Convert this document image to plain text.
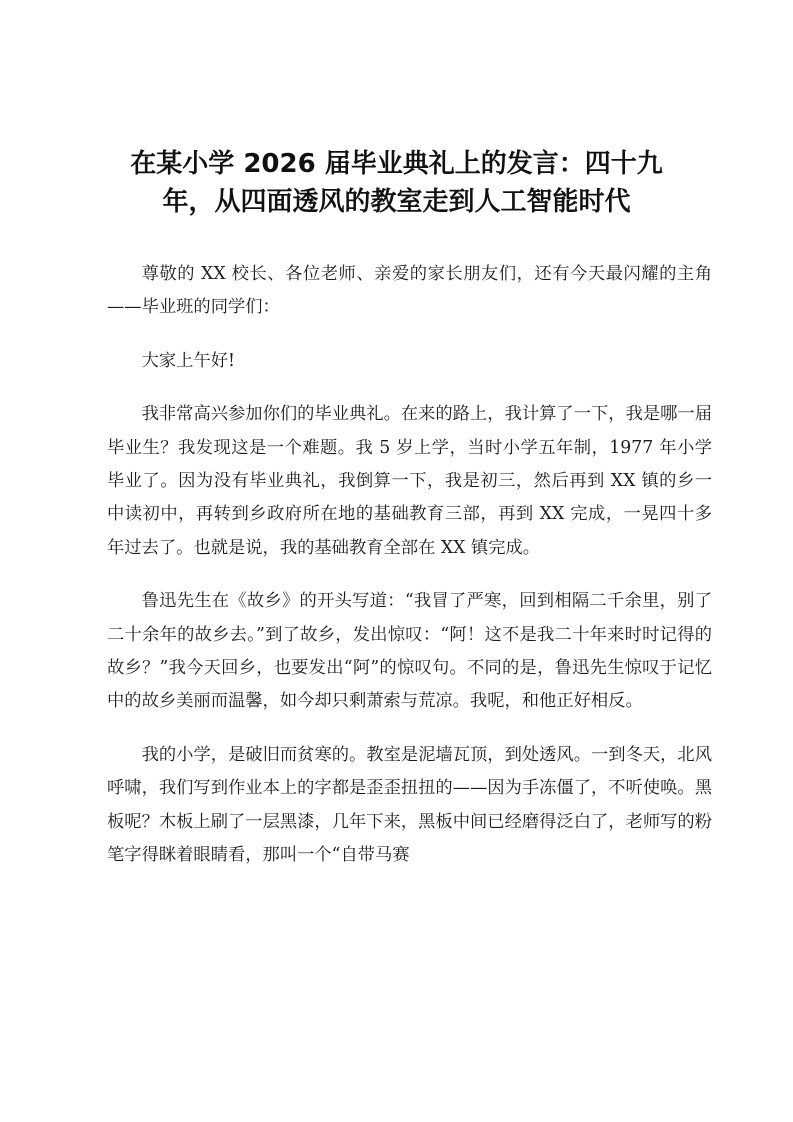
在某小学 2026 届毕业典礼上的发言：四十九
年，从四面透风的教室走到人工智能时代

尊敬的 XX 校长、各位老师、亲爱的家长朋友们，还有今天最闪耀的主角——毕业班的同学们：

大家上午好!

我非常高兴参加你们的毕业典礼。在来的路上，我计算了一下，我是哪一届毕业生？我发现这是一个难题。我 5 岁上学，当时小学五年制，1977 年小学毕业了。因为没有毕业典礼，我倒算一下，我是初三，然后再到 XX 镇的乡一中读初中，再转到乡政府所在地的基础教育三部，再到 XX 完成，一晃四十多年过去了。也就是说，我的基础教育全部在 XX 镇完成。

鲁迅先生在《故乡》的开头写道：“我冒了严寒，回到相隔二千余里，别了二十余年的故乡去。”到了故乡，发出惊叹：“阿！这不是我二十年来时时记得的故乡？”我今天回乡，也要发出“阿”的惊叹句。不同的是，鲁迅先生惊叹于记忆中的故乡美丽而温馨，如今却只剩萧索与荒凉。我呢，和他正好相反。

我的小学，是破旧而贫寒的。教室是泥墙瓦顶，到处透风。一到冬天，北风呼啸，我们写到作业本上的字都是歪歪扭扭的——因为手冻僵了，不听使唤。黑板呢？木板上刷了一层黑漆，几年下来，黑板中间已经磨得泛白了，老师写的粉笔字得眯着眼睛看，那叫一个“自带马赛
